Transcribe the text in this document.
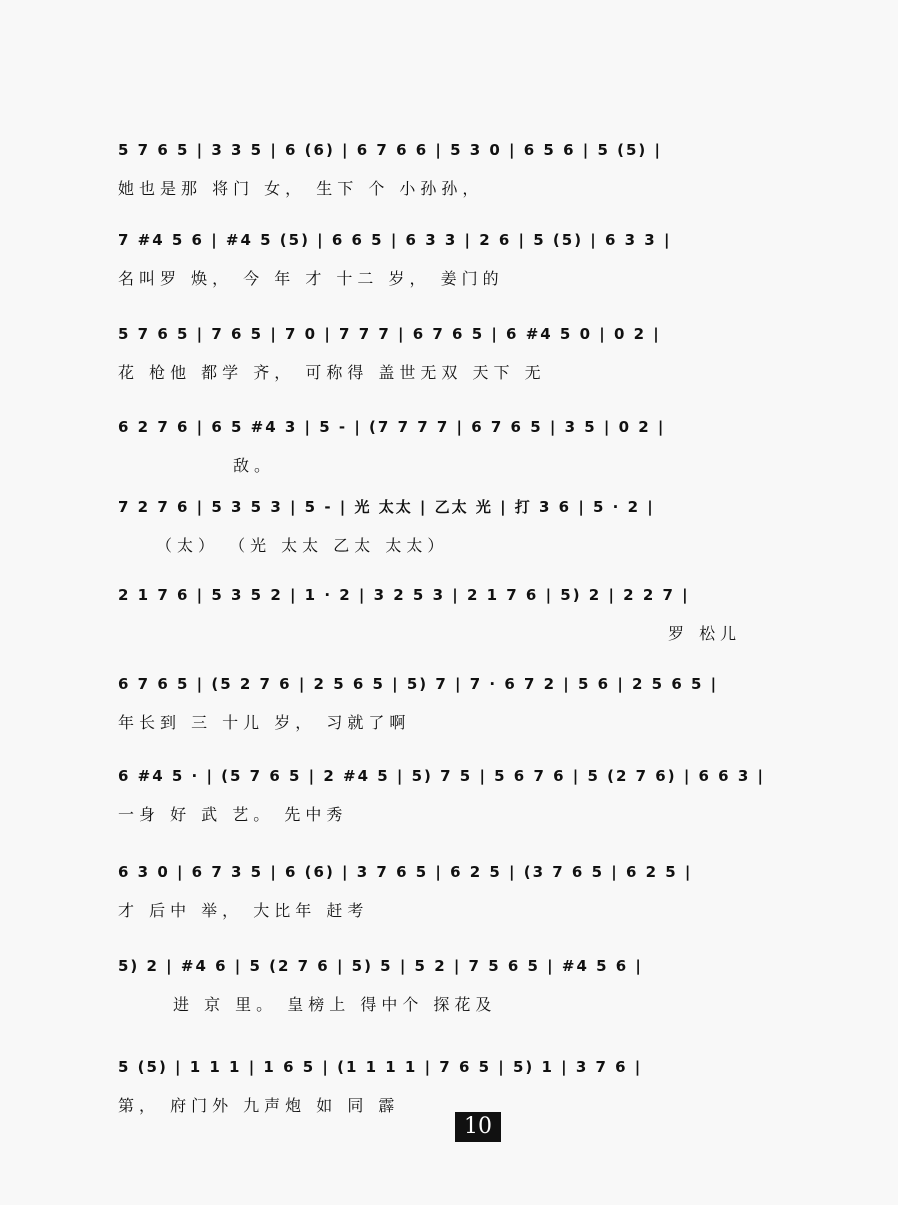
5 7 6 5 | 3 3 5 | 6 (6) | 6 7 6 6 | 5 3 0 | 6 5 6 | 5 (5) |
她也是那 将门 女， 生下 个 小孙孙，
7 #4 5 6 | #4 5 (5) | 6 6 5 | 6 3 3 | 2 6 | 5 (5) | 6 3 3 |
名叫罗 焕， 今 年 才 十二 岁， 姜门的
5 7 6 5 | 7 6 5 | 7 0 | 7 7 7 | 6 7 6 5 | 6 #4 5 0 | 0 2 |
花 枪他 都学 齐， 可称得 盖世无双 天下 无
6 2 7 6 | 6 5 #4 3 | 5 - | (7 7 7 7 | 6 7 6 5 | 3 5 | 0 2 |
敌。
7 2 7 6 | 5 3 5 3 | 5 - | 光 太太 | 乙太 光 | 打 3 6 | 5 · 2 |
（太） （光 太太 乙太 太太）
2 1 7 6 | 5 3 5 2 | 1 · 2 | 3 2 5 3 | 2 1 7 6 | 5) 2 | 2 2 7 |
罗 松儿
6 7 6 5 | (5 2 7 6 | 2 5 6 5 | 5) 7 | 7 · 6 7 2 | 5 6 | 2 5 6 5 |
年长到 三 十儿 岁， 习就了啊
6 #4 5 · | (5 7 6 5 | 2 #4 5 | 5) 7 5 | 5 6 7 6 | 5 (2 7 6) | 6 6 3 |
一身 好 武 艺。 先中秀
6 3 0 | 6 7 3 5 | 6 (6) | 3 7 6 5 | 6 2 5 | (3 7 6 5 | 6 2 5 |
才 后中 举， 大比年 赶考
5) 2 | #4 6 | 5 (2 7 6 | 5) 5 | 5 2 | 7 5 6 5 | #4 5 6 |
进 京 里。 皇榜上 得中个 探花及
5 (5) | 1 1 1 | 1 6 5 | (1 1 1 1 | 7 6 5 | 5) 1 | 3 7 6 |
第， 府门外 九声炮 如 同 霹
10
